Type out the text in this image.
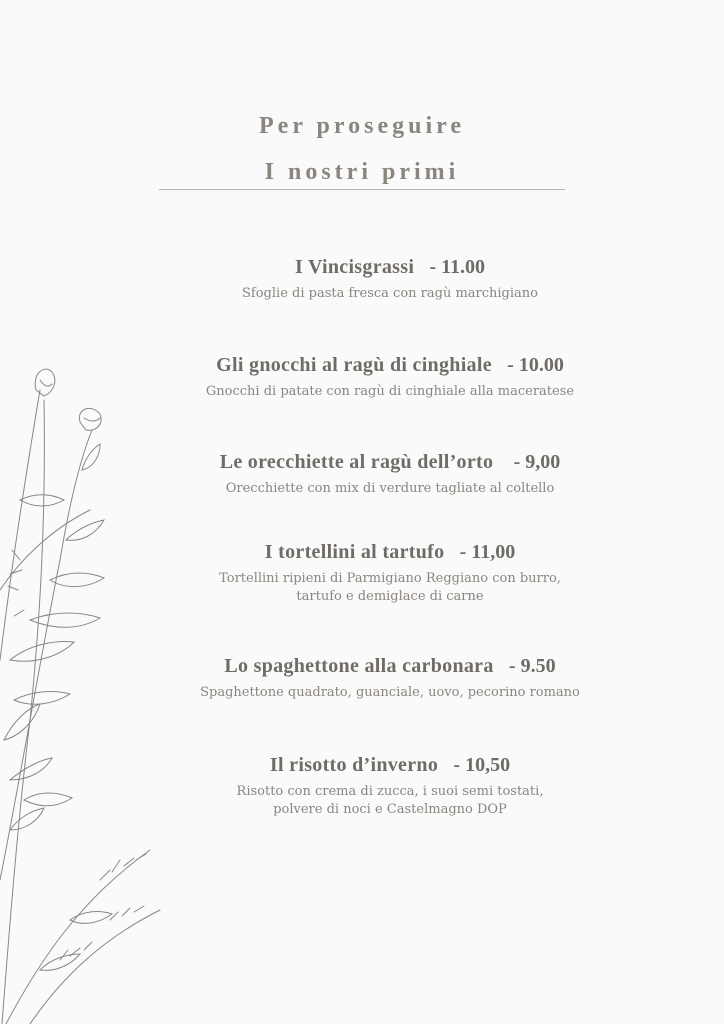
Per proseguire
I nostri primi
I Vincisgrassi - 11.00
Sfoglie di pasta fresca con ragù marchigiano
Gli gnocchi al ragù di cinghiale - 10.00
Gnocchi di patate con ragù di cinghiale alla maceratese
Le orecchiette al ragù dell’orto - 9,00
Orecchiette con mix di verdure tagliate al coltello
I tortellini al tartufo - 11,00
Tortellini ripieni di Parmigiano Reggiano con burro,
tartufo e demiglace di carne
Lo spaghettone alla carbonara - 9.50
Spaghettone quadrato, guanciale, uovo, pecorino romano
Il risotto d’inverno - 10,50
Risotto con crema di zucca, i suoi semi tostati,
polvere di noci e Castelmagno DOP
